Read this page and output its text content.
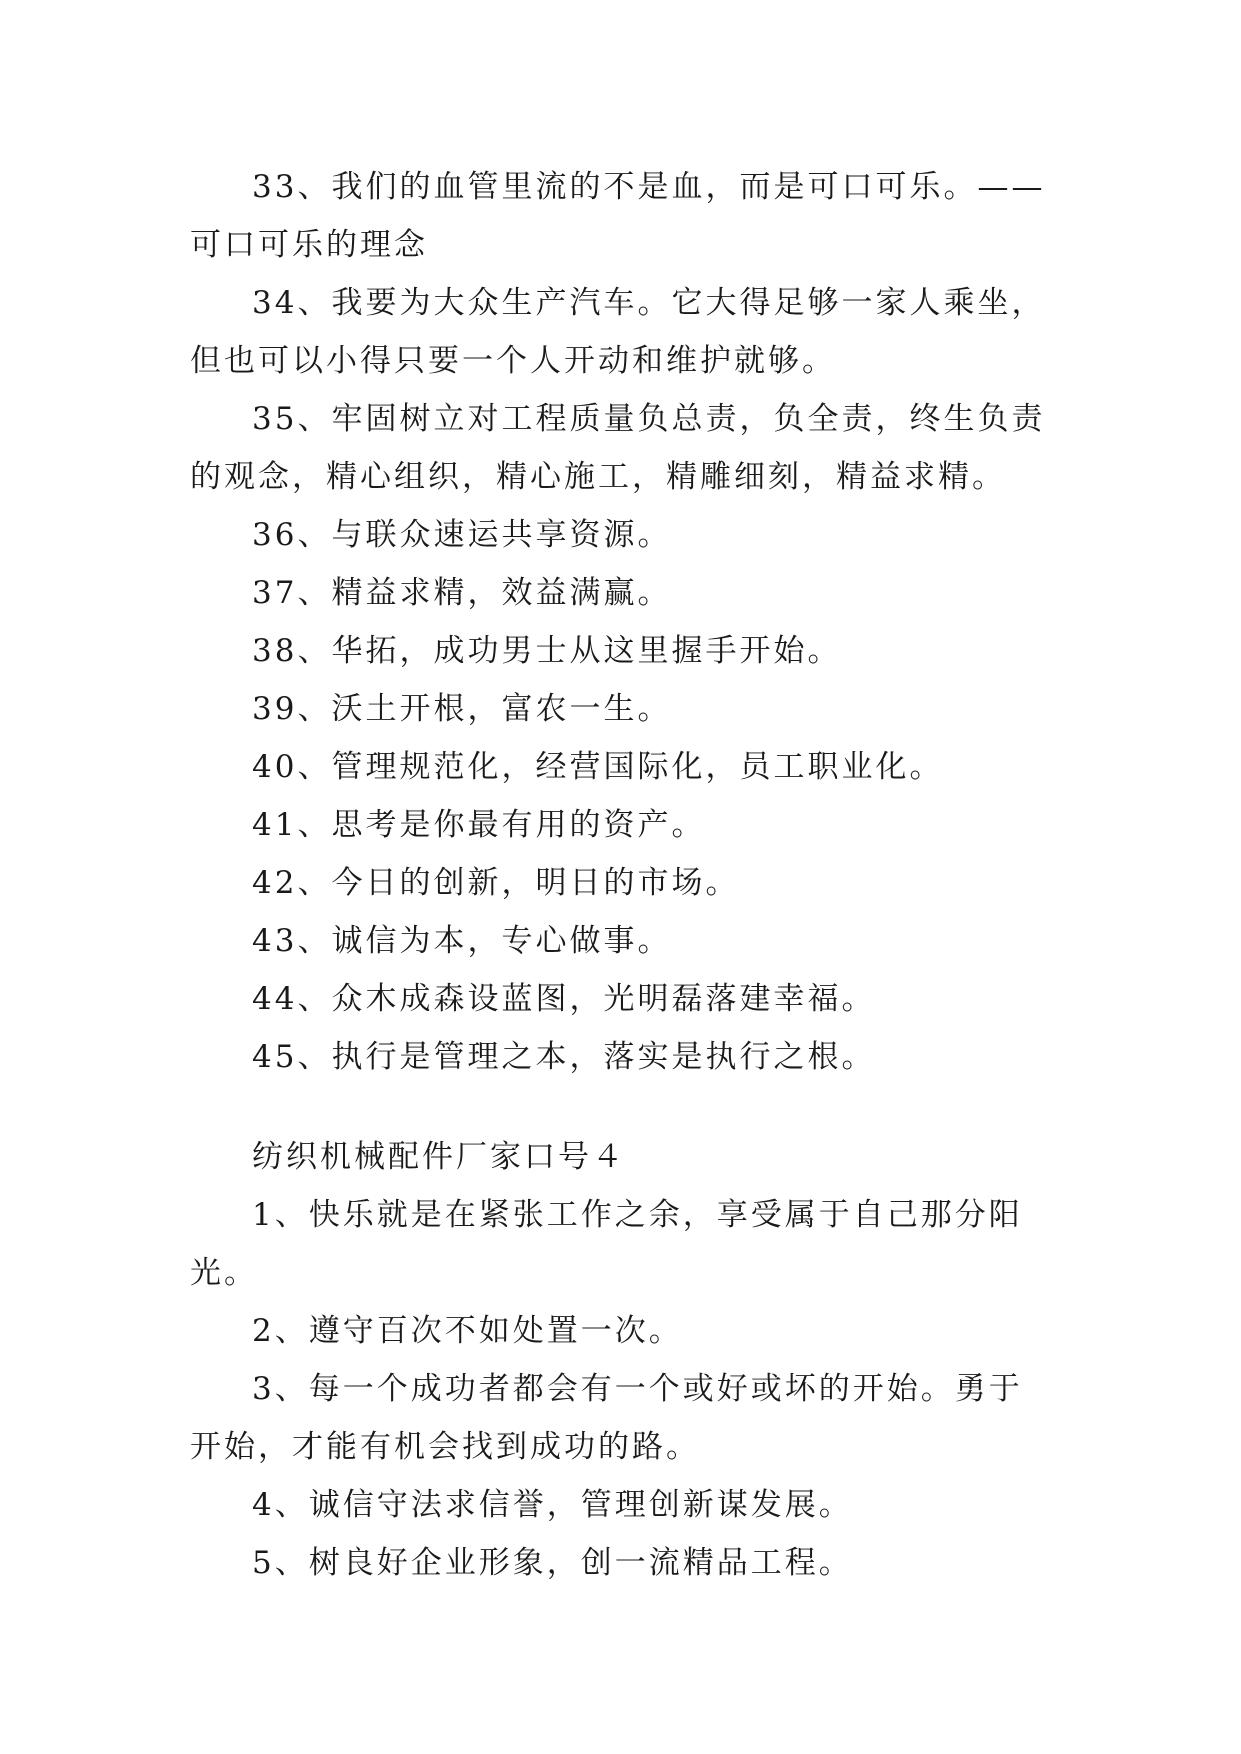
33、我们的血管里流的不是血，而是可口可乐。——可口可乐的理念

34、我要为大众生产汽车。它大得足够一家人乘坐，但也可以小得只要一个人开动和维护就够。

35、牢固树立对工程质量负总责，负全责，终生负责的观念，精心组织，精心施工，精雕细刻，精益求精。

36、与联众速运共享资源。

37、精益求精，效益满赢。

38、华拓，成功男士从这里握手开始。

39、沃土开根，富农一生。

40、管理规范化，经营国际化，员工职业化。

41、思考是你最有用的资产。

42、今日的创新，明日的市场。

43、诚信为本，专心做事。

44、众木成森设蓝图，光明磊落建幸福。

45、执行是管理之本，落实是执行之根。

纺织机械配件厂家口号４

1、快乐就是在紧张工作之余，享受属于自己那分阳光。

2、遵守百次不如处置一次。

3、每一个成功者都会有一个或好或坏的开始。勇于开始，才能有机会找到成功的路。

4、诚信守法求信誉，管理创新谋发展。

5、树良好企业形象，创一流精品工程。
